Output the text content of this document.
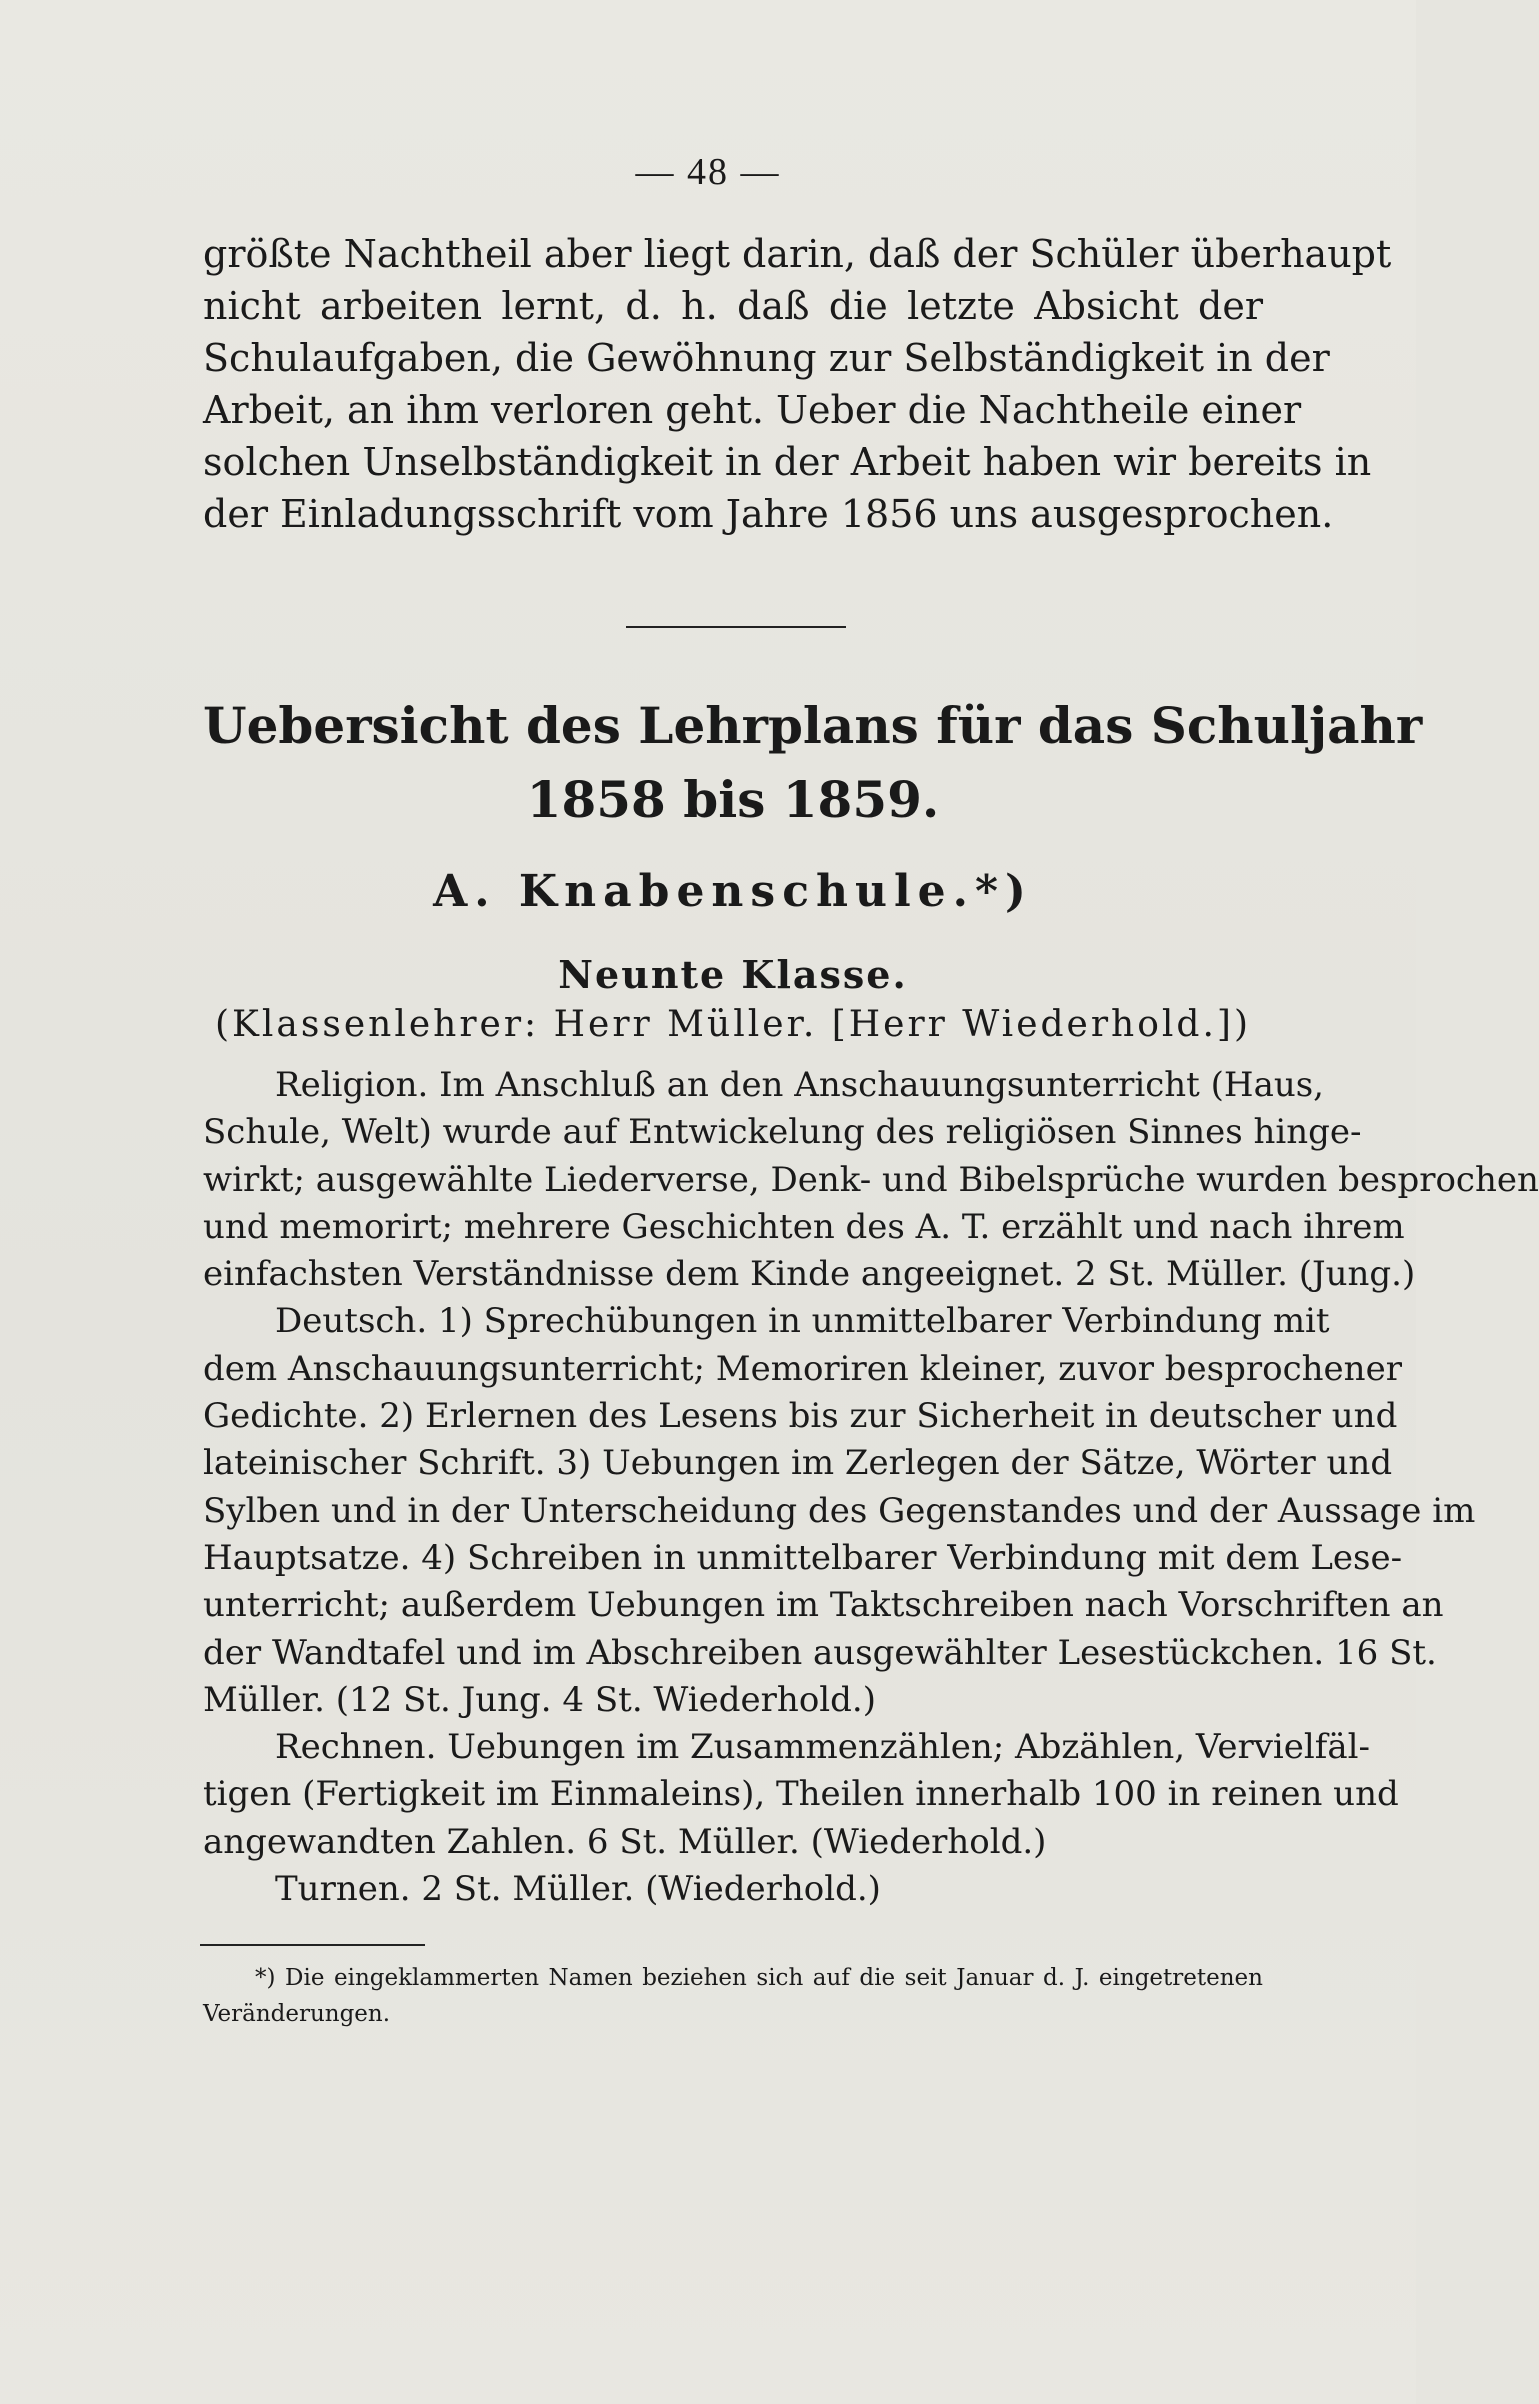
— 48 —
größte Nachtheil aber liegt darin, daß der Schüler überhaupt
nicht arbeiten lernt, d. h. daß die letzte Absicht der
Schulaufgaben, die Gewöhnung zur Selbständigkeit in der
Arbeit, an ihm verloren geht. Ueber die Nachtheile einer
solchen Unselbständigkeit in der Arbeit haben wir bereits in
der Einladungsschrift vom Jahre 1856 uns ausgesprochen.
Uebersicht des Lehrplans für das Schuljahr
1858 bis 1859.
A. Knabenschule.*)
Neunte Klasse.
(Klassenlehrer: Herr Müller. [Herr Wiederhold.])
Religion. Im Anschluß an den Anschauungsunterricht (Haus,
Schule, Welt) wurde auf Entwickelung des religiösen Sinnes hinge-
wirkt; ausgewählte Liederverse, Denk- und Bibelsprüche wurden besprochen
und memorirt; mehrere Geschichten des A. T. erzählt und nach ihrem
einfachsten Verständnisse dem Kinde angeeignet. 2 St. Müller. (Jung.)
Deutsch. 1) Sprechübungen in unmittelbarer Verbindung mit
dem Anschauungsunterricht; Memoriren kleiner, zuvor besprochener
Gedichte. 2) Erlernen des Lesens bis zur Sicherheit in deutscher und
lateinischer Schrift. 3) Uebungen im Zerlegen der Sätze, Wörter und
Sylben und in der Unterscheidung des Gegenstandes und der Aussage im
Hauptsatze. 4) Schreiben in unmittelbarer Verbindung mit dem Lese-
unterricht; außerdem Uebungen im Taktschreiben nach Vorschriften an
der Wandtafel und im Abschreiben ausgewählter Lesestückchen. 16 St.
Müller. (12 St. Jung. 4 St. Wiederhold.)
Rechnen. Uebungen im Zusammenzählen; Abzählen, Vervielfäl-
tigen (Fertigkeit im Einmaleins), Theilen innerhalb 100 in reinen und
angewandten Zahlen. 6 St. Müller. (Wiederhold.)
Turnen. 2 St. Müller. (Wiederhold.)
*) Die eingeklammerten Namen beziehen sich auf die seit Januar d. J. eingetretenen
Veränderungen.
